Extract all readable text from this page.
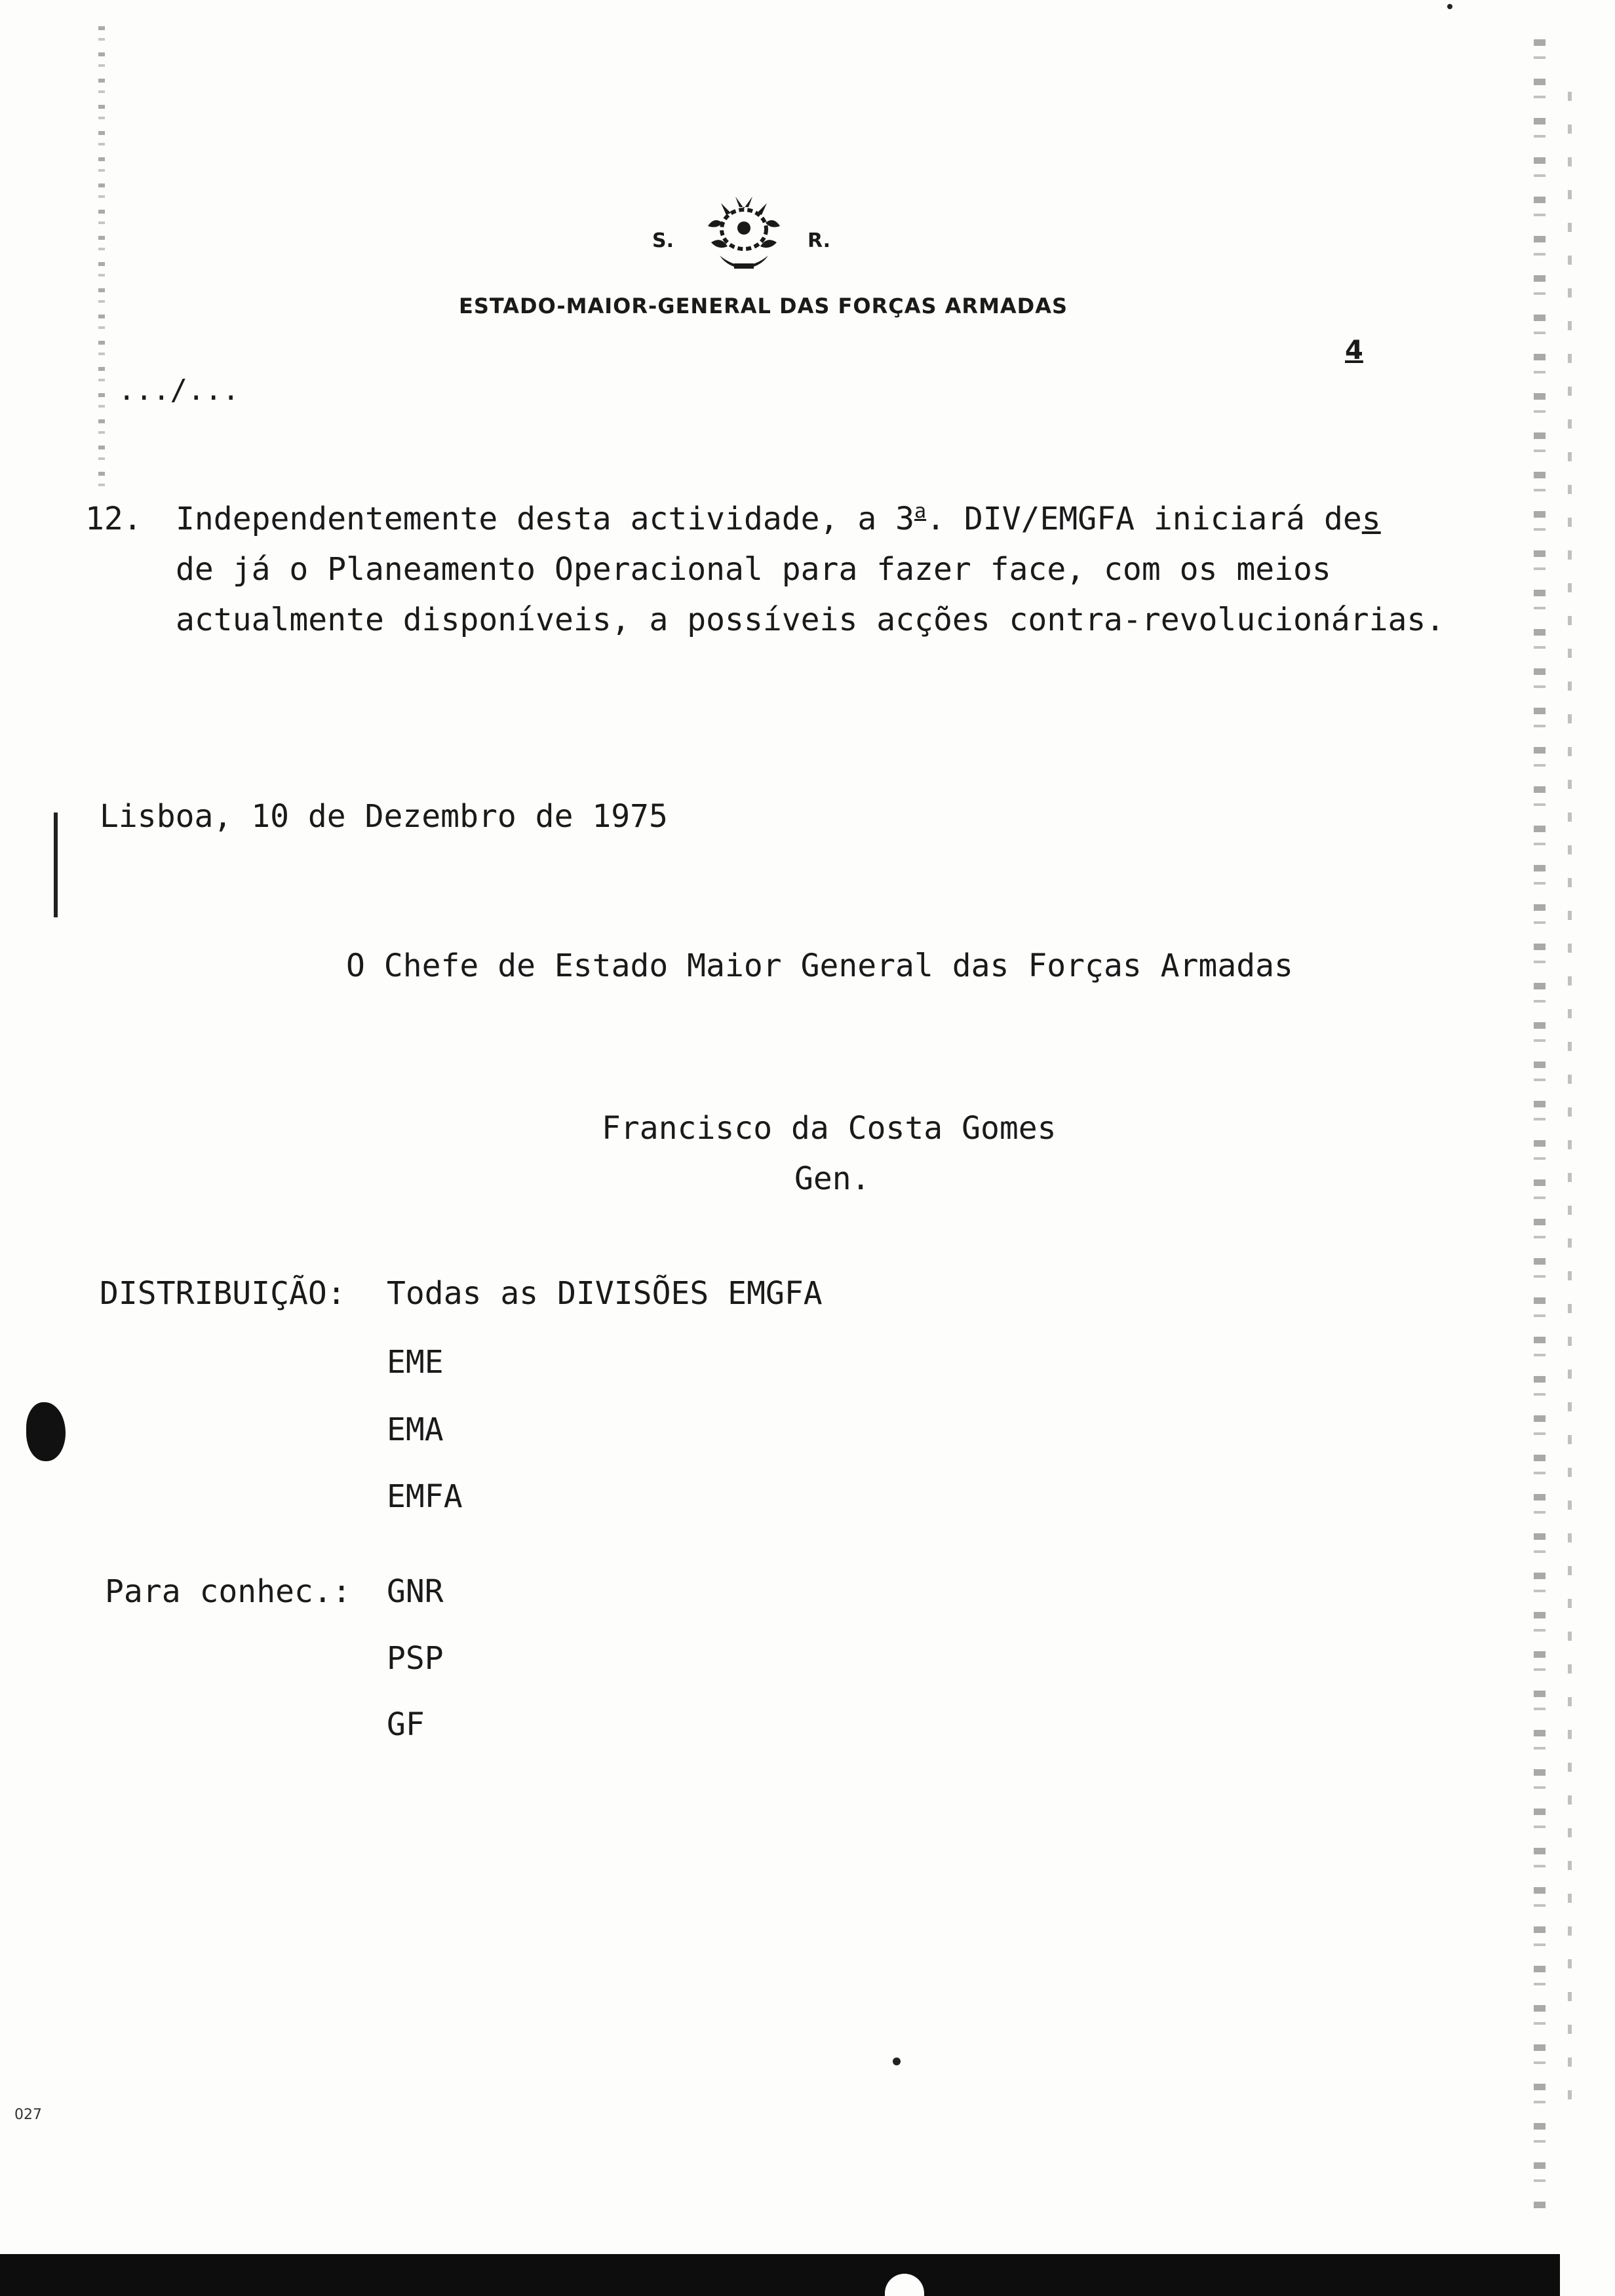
027
S.	R.
ESTADO-MAIOR-GENERAL DAS FORÇAS ARMADAS
4
.../...
12. Independentemente desta actividade, a 3$^a$. DIV/EMGFA iniciará des
de já o Planeamento Operacional para fazer face, com os meios
actualmente disponíveis, a possíveis acções contra-revolucionárias.
Lisboa, 10 de Dezembro de 1975
O Chefe de Estado Maior General das Forças Armadas
Francisco da Costa Gomes
Gen.
DISTRIBUIÇÃO: Todas as DIVISÕES EMGFA
EME
EMA
EMFA
Para conhec.: GNR
PSP
GF
